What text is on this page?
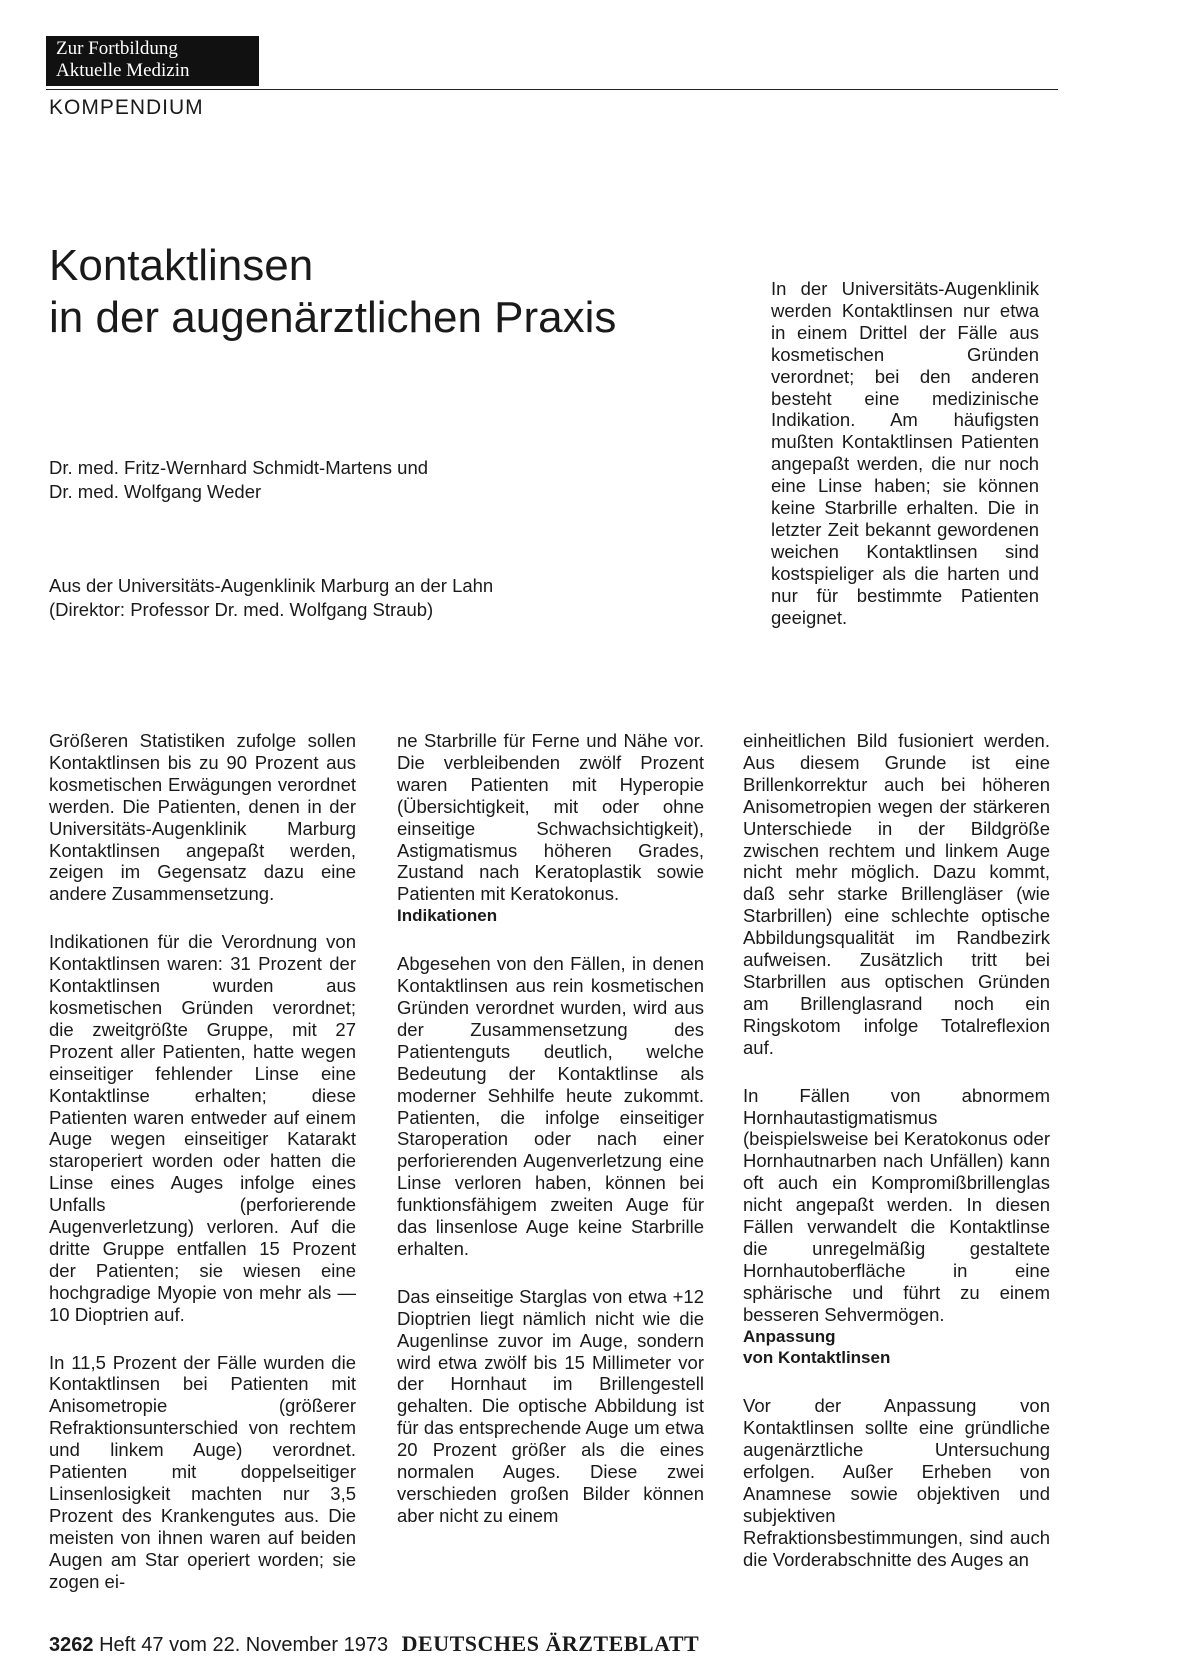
Zur Fortbildung
Aktuelle Medizin
KOMPENDIUM
Kontaktlinsen
in der augenärztlichen Praxis
Dr. med. Fritz-Wernhard Schmidt-Martens und
Dr. med. Wolfgang Weder
Aus der Universitäts-Augenklinik Marburg an der Lahn
(Direktor: Professor Dr. med. Wolfgang Straub)

In der Universitäts-Augenklinik werden Kontaktlinsen nur etwa in einem Drittel der Fälle aus kosmetischen Gründen verordnet; bei den anderen besteht eine medizinische Indikation. Am häufigsten mußten Kontaktlinsen Patienten angepaßt werden, die nur noch eine Linse haben; sie können keine Starbrille erhalten. Die in letzter Zeit bekannt gewordenen weichen Kontaktlinsen sind kostspieliger als die harten und nur für bestimmte Patienten geeignet.

Größeren Statistiken zufolge sollen Kontaktlinsen bis zu 90 Prozent aus kosmetischen Erwägungen verordnet werden. Die Patienten, denen in der Universitäts-Augenklinik Marburg Kontaktlinsen angepaßt werden, zeigen im Gegensatz dazu eine andere Zusammensetzung.

Indikationen für die Verordnung von Kontaktlinsen waren: 31 Prozent der Kontaktlinsen wurden aus kosmetischen Gründen verordnet; die zweitgrößte Gruppe, mit 27 Prozent aller Patienten, hatte wegen einseitiger fehlender Linse eine Kontaktlinse erhalten; diese Patienten waren entweder auf einem Auge wegen einseitiger Katarakt staroperiert worden oder hatten die Linse eines Auges infolge eines Unfalls (perforierende Augenverletzung) verloren. Auf die dritte Gruppe entfallen 15 Prozent der Patienten; sie wiesen eine hochgradige Myopie von mehr als —10 Dioptrien auf.

In 11,5 Prozent der Fälle wurden die Kontaktlinsen bei Patienten mit Anisometropie (größerer Refraktionsunterschied von rechtem und linkem Auge) verordnet. Patienten mit doppelseitiger Linsenlosigkeit machten nur 3,5 Prozent des Krankengutes aus. Die meisten von ihnen waren auf beiden Augen am Star operiert worden; sie zogen ei-

ne Starbrille für Ferne und Nähe vor. Die verbleibenden zwölf Prozent waren Patienten mit Hyperopie (Übersichtigkeit, mit oder ohne einseitige Schwachsichtigkeit), Astigmatismus höheren Grades, Zustand nach Keratoplastik sowie Patienten mit Keratokonus.

Indikationen

Abgesehen von den Fällen, in denen Kontaktlinsen aus rein kosmetischen Gründen verordnet wurden, wird aus der Zusammensetzung des Patientenguts deutlich, welche Bedeutung der Kontaktlinse als moderner Sehhilfe heute zukommt. Patienten, die infolge einseitiger Staroperation oder nach einer perforierenden Augenverletzung eine Linse verloren haben, können bei funktionsfähigem zweiten Auge für das linsenlose Auge keine Starbrille erhalten.

Das einseitige Starglas von etwa +12 Dioptrien liegt nämlich nicht wie die Augenlinse zuvor im Auge, sondern wird etwa zwölf bis 15 Millimeter vor der Hornhaut im Brillengestell gehalten. Die optische Abbildung ist für das entsprechende Auge um etwa 20 Prozent größer als die eines normalen Auges. Diese zwei verschieden großen Bilder können aber nicht zu einem

einheitlichen Bild fusioniert werden. Aus diesem Grunde ist eine Brillenkorrektur auch bei höheren Anisometropien wegen der stärkeren Unterschiede in der Bildgröße zwischen rechtem und linkem Auge nicht mehr möglich. Dazu kommt, daß sehr starke Brillengläser (wie Starbrillen) eine schlechte optische Abbildungsqualität im Randbezirk aufweisen. Zusätzlich tritt bei Starbrillen aus optischen Gründen am Brillenglasrand noch ein Ringskotom infolge Totalreflexion auf.

In Fällen von abnormem Hornhautastigmatismus (beispielsweise bei Keratokonus oder Hornhautnarben nach Unfällen) kann oft auch ein Kompromißbrillenglas nicht angepaßt werden. In diesen Fällen verwandelt die Kontaktlinse die unregelmäßig gestaltete Hornhautoberfläche in eine sphärische und führt zu einem besseren Sehvermögen.

Anpassung
von Kontaktlinsen

Vor der Anpassung von Kontaktlinsen sollte eine gründliche augenärztliche Untersuchung erfolgen. Außer Erheben von Anamnese sowie objektiven und subjektiven Refraktionsbestimmungen, sind auch die Vorderabschnitte des Auges an

3262 Heft 47 vom 22. November 1973 DEUTSCHES ÄRZTEBLATT
